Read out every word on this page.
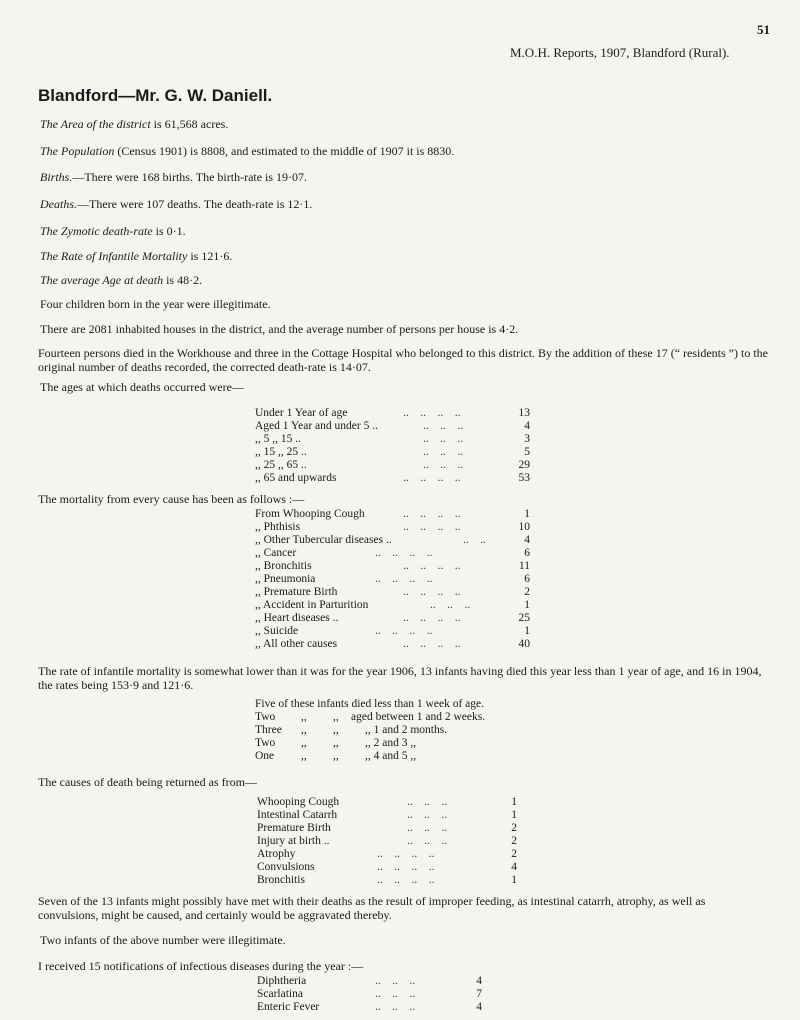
51
M.O.H. Reports, 1907, Blandford (Rural).
Blandford—Mr. G. W. Daniell.
The Area of the district is 61,568 acres.
The Population (Census 1901) is 8808, and estimated to the middle of 1907 it is 8830.
Births.—There were 168 births. The birth-rate is 19·07.
Deaths.—There were 107 deaths. The death-rate is 12·1.
The Zymotic death-rate is 0·1.
The Rate of Infantile Mortality is 121·6.
The average Age at death is 48·2.
Four children born in the year were illegitimate.
There are 2081 inhabited houses in the district, and the average number of persons per house is 4·2.
Fourteen persons died in the Workhouse and three in the Cottage Hospital who belonged to this district. By the addition of these 17 (“ residents ”) to the original number of deaths recorded, the corrected death-rate is 14·07.
The ages at which deaths occurred were—
Under 1 Year of age	..    ..    ..    ..	13
Aged 1 Year and under 5 ..	..    ..    ..	4
,, 5 ,, 15 ..	..    ..    ..	3
,, 15 ,, 25 ..	..    ..    ..	5
,, 25 ,, 65 ..	..    ..    ..	29
,, 65 and upwards	..    ..    ..    ..	53
The mortality from every cause has been as follows :—
From Whooping Cough	..    ..    ..    ..	1
,, Phthisis	..    ..    ..    ..	10
,, Other Tubercular diseases ..	..    ..	4
,, Cancer	..    ..    ..    ..	6
,, Bronchitis	..    ..    ..    ..	11
,, Pneumonia	..    ..    ..    ..	6
,, Premature Birth	..    ..    ..    ..	2
,, Accident in Parturition	..    ..    ..	1
,, Heart diseases ..	..    ..    ..    ..	25
,, Suicide	..    ..    ..    ..	1
,, All other causes	..    ..    ..    ..	40
The rate of infantile mortality is somewhat lower than it was for the year 1906, 13 infants having died this year less than 1 year of age, and 16 in 1904, the rates being 153·9 and 121·6.
Five of these infants died less than 1 week of age.
Two ,, ,, aged between 1 and 2 weeks.
Three ,, ,, ,, 1 and 2 months.
Two ,, ,, ,, 2 and 3 ,,
One ,, ,, ,, 4 and 5 ,,
The causes of death being returned as from—
Whooping Cough	..    ..    ..	1
Intestinal Catarrh	..    ..    ..	1
Premature Birth	..    ..    ..	2
Injury at birth ..	..    ..    ..	2
Atrophy	..    ..    ..    ..	2
Convulsions	..    ..    ..    ..	4
Bronchitis	..    ..    ..    ..	1
Seven of the 13 infants might possibly have met with their deaths as the result of improper feeding, as intestinal catarrh, atrophy, as well as convulsions, might be caused, and certainly would be aggravated thereby.
Two infants of the above number were illegitimate.
I received 15 notifications of infectious diseases during the year :—
Diphtheria	..    ..    ..	4
Scarlatina	..    ..    ..	7
Enteric Fever	..    ..    ..	4
